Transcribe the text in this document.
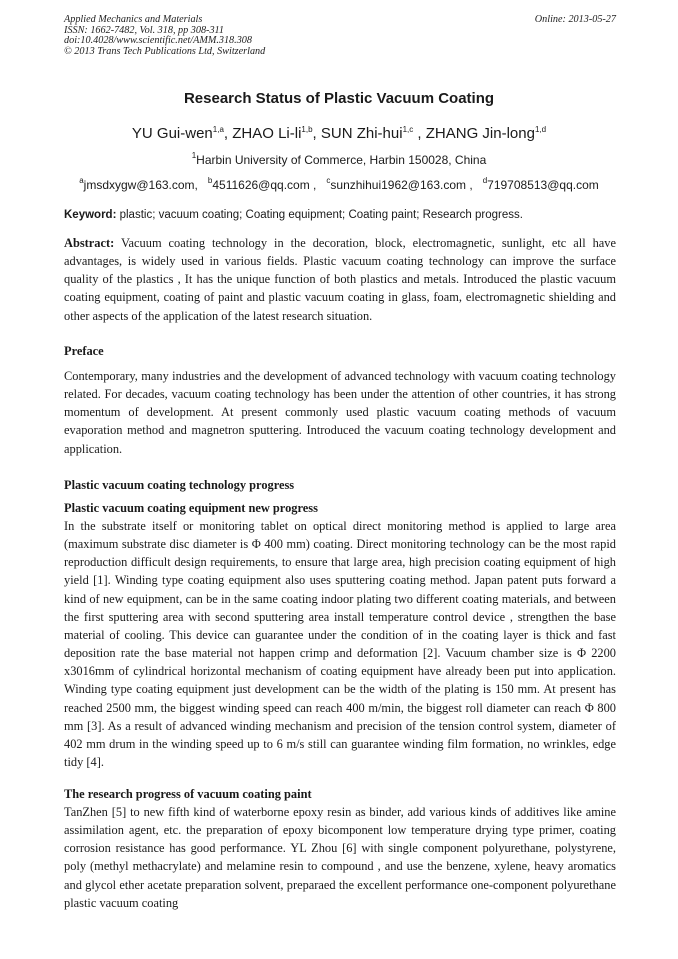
Applied Mechanics and Materials
ISSN: 1662-7482, Vol. 318, pp 308-311
doi:10.4028/www.scientific.net/AMM.318.308
© 2013 Trans Tech Publications Ltd, Switzerland
Online: 2013-05-27
Research Status of Plastic Vacuum Coating
YU Gui-wen$^{1,a}$, ZHAO Li-li$^{1,b}$, SUN Zhi-hui$^{1,c}$ , ZHANG Jin-long$^{1,d}$
$^1$Harbin University of Commerce, Harbin 150028, China
$^a$jmsdxygw@163.com, $^b$4511626@qq.com , $^c$sunzhihui1962@163.com , $^d$719708513@qq.com
Keyword: plastic; vacuum coating; Coating equipment; Coating paint; Research progress.
Abstract: Vacuum coating technology in the decoration, block, electromagnetic, sunlight, etc all have advantages, is widely used in various fields. Plastic vacuum coating technology can improve the surface quality of the plastics , It has the unique function of both plastics and metals. Introduced the plastic vacuum coating equipment, coating of paint and plastic vacuum coating in glass, foam, electromagnetic shielding and other aspects of the application of the latest research situation.
Preface
Contemporary, many industries and the development of advanced technology with vacuum coating technology related. For decades, vacuum coating technology has been under the attention of other countries, it has strong momentum of development. At present commonly used plastic vacuum coating methods of vacuum evaporation method and magnetron sputtering. Introduced the vacuum coating technology development and application.
Plastic vacuum coating technology progress
Plastic vacuum coating equipment new progress
In the substrate itself or monitoring tablet on optical direct monitoring method is applied to large area (maximum substrate disc diameter is Φ 400 mm) coating. Direct monitoring technology can be the most rapid reproduction difficult design requirements, to ensure that large area, high precision coating equipment of high yield [1]. Winding type coating equipment also uses sputtering coating method. Japan patent puts forward a kind of new equipment, can be in the same coating indoor plating two different coating materials, and between the first sputtering area with second sputtering area install temperature control device , strengthen the base material of cooling. This device can guarantee under the condition of in the coating layer is thick and fast deposition rate the base material not happen crimp and deformation [2]. Vacuum chamber size is Φ 2200 x3016mm of cylindrical horizontal mechanism of coating equipment have already been put into application. Winding type coating equipment just development can be the width of the plating is 150 mm. At present has reached 2500 mm, the biggest winding speed can reach 400 m/min, the biggest roll diameter can reach Φ 800 mm [3]. As a result of advanced winding mechanism and precision of the tension control system, diameter of 402 mm drum in the winding speed up to 6 m/s still can guarantee winding film formation, no wrinkles, edge tidy [4].
The research progress of vacuum coating paint
TanZhen [5] to new fifth kind of waterborne epoxy resin as binder, add various kinds of additives like amine assimilation agent, etc. the preparation of epoxy bicomponent low temperature drying type primer, coating corrosion resistance has good performance. YL Zhou [6] with single component polyurethane, polystyrene, poly (methyl methacrylate) and melamine resin to compound , and use the benzene, xylene, heavy aromatics and glycol ether acetate preparation solvent, preparaed the excellent performance one-component polyurethane plastic vacuum coating
